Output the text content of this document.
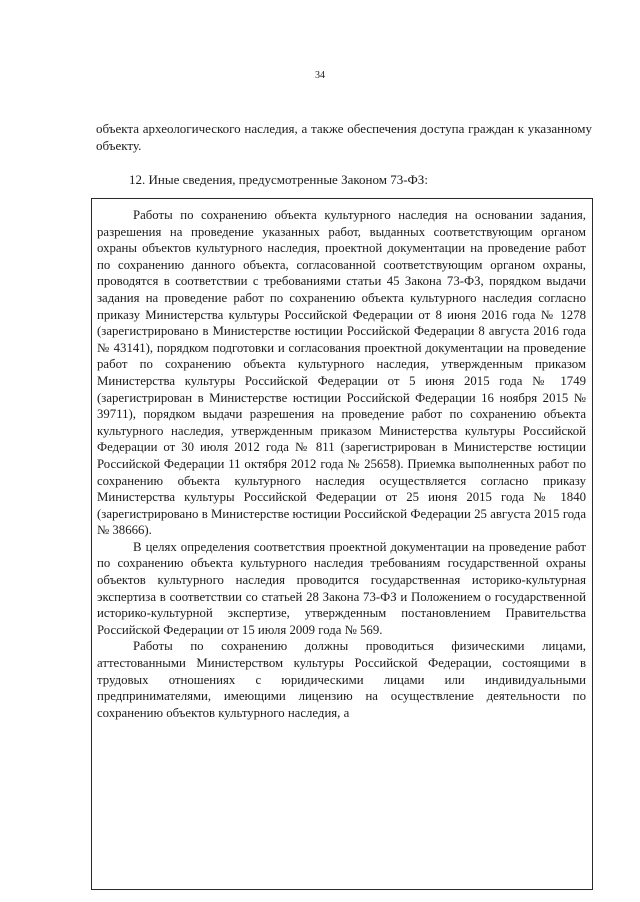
34

объекта археологического наследия, а также обеспечения доступа граждан к указанному объекту.

12. Иные сведения, предусмотренные Законом 73-ФЗ:

Работы по сохранению объекта культурного наследия на основании задания, разрешения на проведение указанных работ, выданных соответствующим органом охраны объектов культурного наследия, проектной документации на проведение работ по сохранению данного объекта, согласованной соответствующим органом охраны, проводятся в соответствии с требованиями статьи 45 Закона 73-ФЗ, порядком выдачи задания на проведение работ по сохранению объекта культурного наследия согласно приказу Министерства культуры Российской Федерации от 8 июня 2016 года № 1278 (зарегистрировано в Министерстве юстиции Российской Федерации 8 августа 2016 года № 43141), порядком подготовки и согласования проектной документации на проведение работ по сохранению объекта культурного наследия, утвержденным приказом Министерства культуры Российской Федерации от 5 июня 2015 года № 1749 (зарегистрирован в Министерстве юстиции Российской Федерации 16 ноября 2015 № 39711), порядком выдачи разрешения на проведение работ по сохранению объекта культурного наследия, утвержденным приказом Министерства культуры Российской Федерации от 30 июля 2012 года № 811 (зарегистрирован в Министерстве юстиции Российской Федерации 11 октября 2012 года № 25658). Приемка выполненных работ по сохранению объекта культурного наследия осуществляется согласно приказу Министерства культуры Российской Федерации от 25 июня 2015 года № 1840 (зарегистрировано в Министерстве юстиции Российской Федерации 25 августа 2015 года № 38666).

В целях определения соответствия проектной документации на проведение работ по сохранению объекта культурного наследия требованиям государственной охраны объектов культурного наследия проводится государственная историко-культурная экспертиза в соответствии со статьей 28 Закона 73-ФЗ и Положением о государственной историко-культурной экспертизе, утвержденным постановлением Правительства Российской Федерации от 15 июля 2009 года № 569.

Работы по сохранению должны проводиться физическими лицами, аттестованными Министерством культуры Российской Федерации, состоящими в трудовых отношениях с юридическими лицами или индивидуальными предпринимателями, имеющими лицензию на осуществление деятельности по сохранению объектов культурного наследия, а
